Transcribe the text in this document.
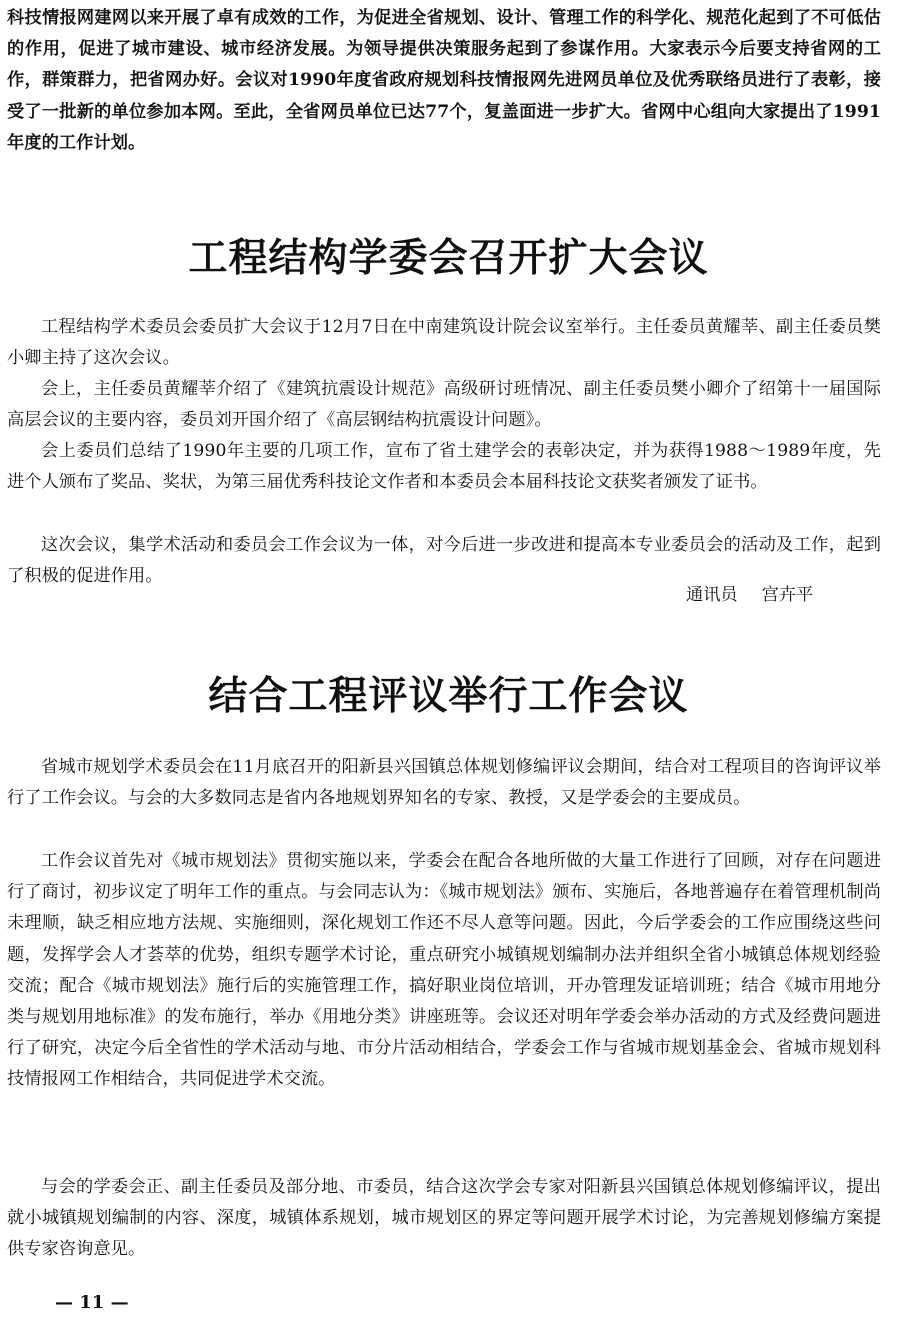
科技情报网建网以来开展了卓有成效的工作，为促进全省规划、设计、管理工作的科学化、规范化起到了不可低估的作用，促进了城市建设、城市经济发展。为领导提供决策服务起到了参谋作用。大家表示今后要支持省网的工作，群策群力，把省网办好。会议对1990年度省政府规划科技情报网先进网员单位及优秀联络员进行了表彰，接受了一批新的单位参加本网。至此，全省网员单位已达77个，复盖面进一步扩大。省网中心组向大家提出了1991年度的工作计划。

工程结构学委会召开扩大会议

工程结构学术委员会委员扩大会议于12月7日在中南建筑设计院会议室举行。主任委员黄耀莘、副主任委员樊小卿主持了这次会议。

会上，主任委员黄耀莘介绍了《建筑抗震设计规范》高级研讨班情况、副主任委员樊小卿介了绍第十一届国际高层会议的主要内容，委员刘开国介绍了《高层钢结构抗震设计问题》。

会上委员们总结了1990年主要的几项工作，宣布了省土建学会的表彰决定，并为获得1988～1989年度，先进个人颁布了奖品、奖状，为第三届优秀科技论文作者和本委员会本届科技论文获奖者颁发了证书。

这次会议，集学术活动和委员会工作会议为一体，对今后进一步改进和提高本专业委员会的活动及工作，起到了积极的促进作用。

通讯员 宫卉平
结合工程评议举行工作会议

省城市规划学术委员会在11月底召开的阳新县兴国镇总体规划修编评议会期间，结合对工程项目的咨询评议举行了工作会议。与会的大多数同志是省内各地规划界知名的专家、教授，又是学委会的主要成员。

工作会议首先对《城市规划法》贯彻实施以来，学委会在配合各地所做的大量工作进行了回顾，对存在问题进行了商讨，初步议定了明年工作的重点。与会同志认为：《城市规划法》颁布、实施后，各地普遍存在着管理机制尚未理顺，缺乏相应地方法规、实施细则，深化规划工作还不尽人意等问题。因此，今后学委会的工作应围绕这些问题，发挥学会人才荟萃的优势，组织专题学术讨论，重点研究小城镇规划编制办法并组织全省小城镇总体规划经验交流；配合《城市规划法》施行后的实施管理工作，搞好职业岗位培训，开办管理发证培训班；结合《城市用地分类与规划用地标准》的发布施行，举办《用地分类》讲座班等。会议还对明年学委会举办活动的方式及经费问题进行了研究，决定今后全省性的学术活动与地、市分片活动相结合，学委会工作与省城市规划基金会、省城市规划科技情报网工作相结合，共同促进学术交流。

与会的学委会正、副主任委员及部分地、市委员，结合这次学会专家对阳新县兴国镇总体规划修编评议，提出就小城镇规划编制的内容、深度，城镇体系规划，城市规划区的界定等问题开展学术讨论，为完善规划修编方案提供专家咨询意见。

— 11 —
